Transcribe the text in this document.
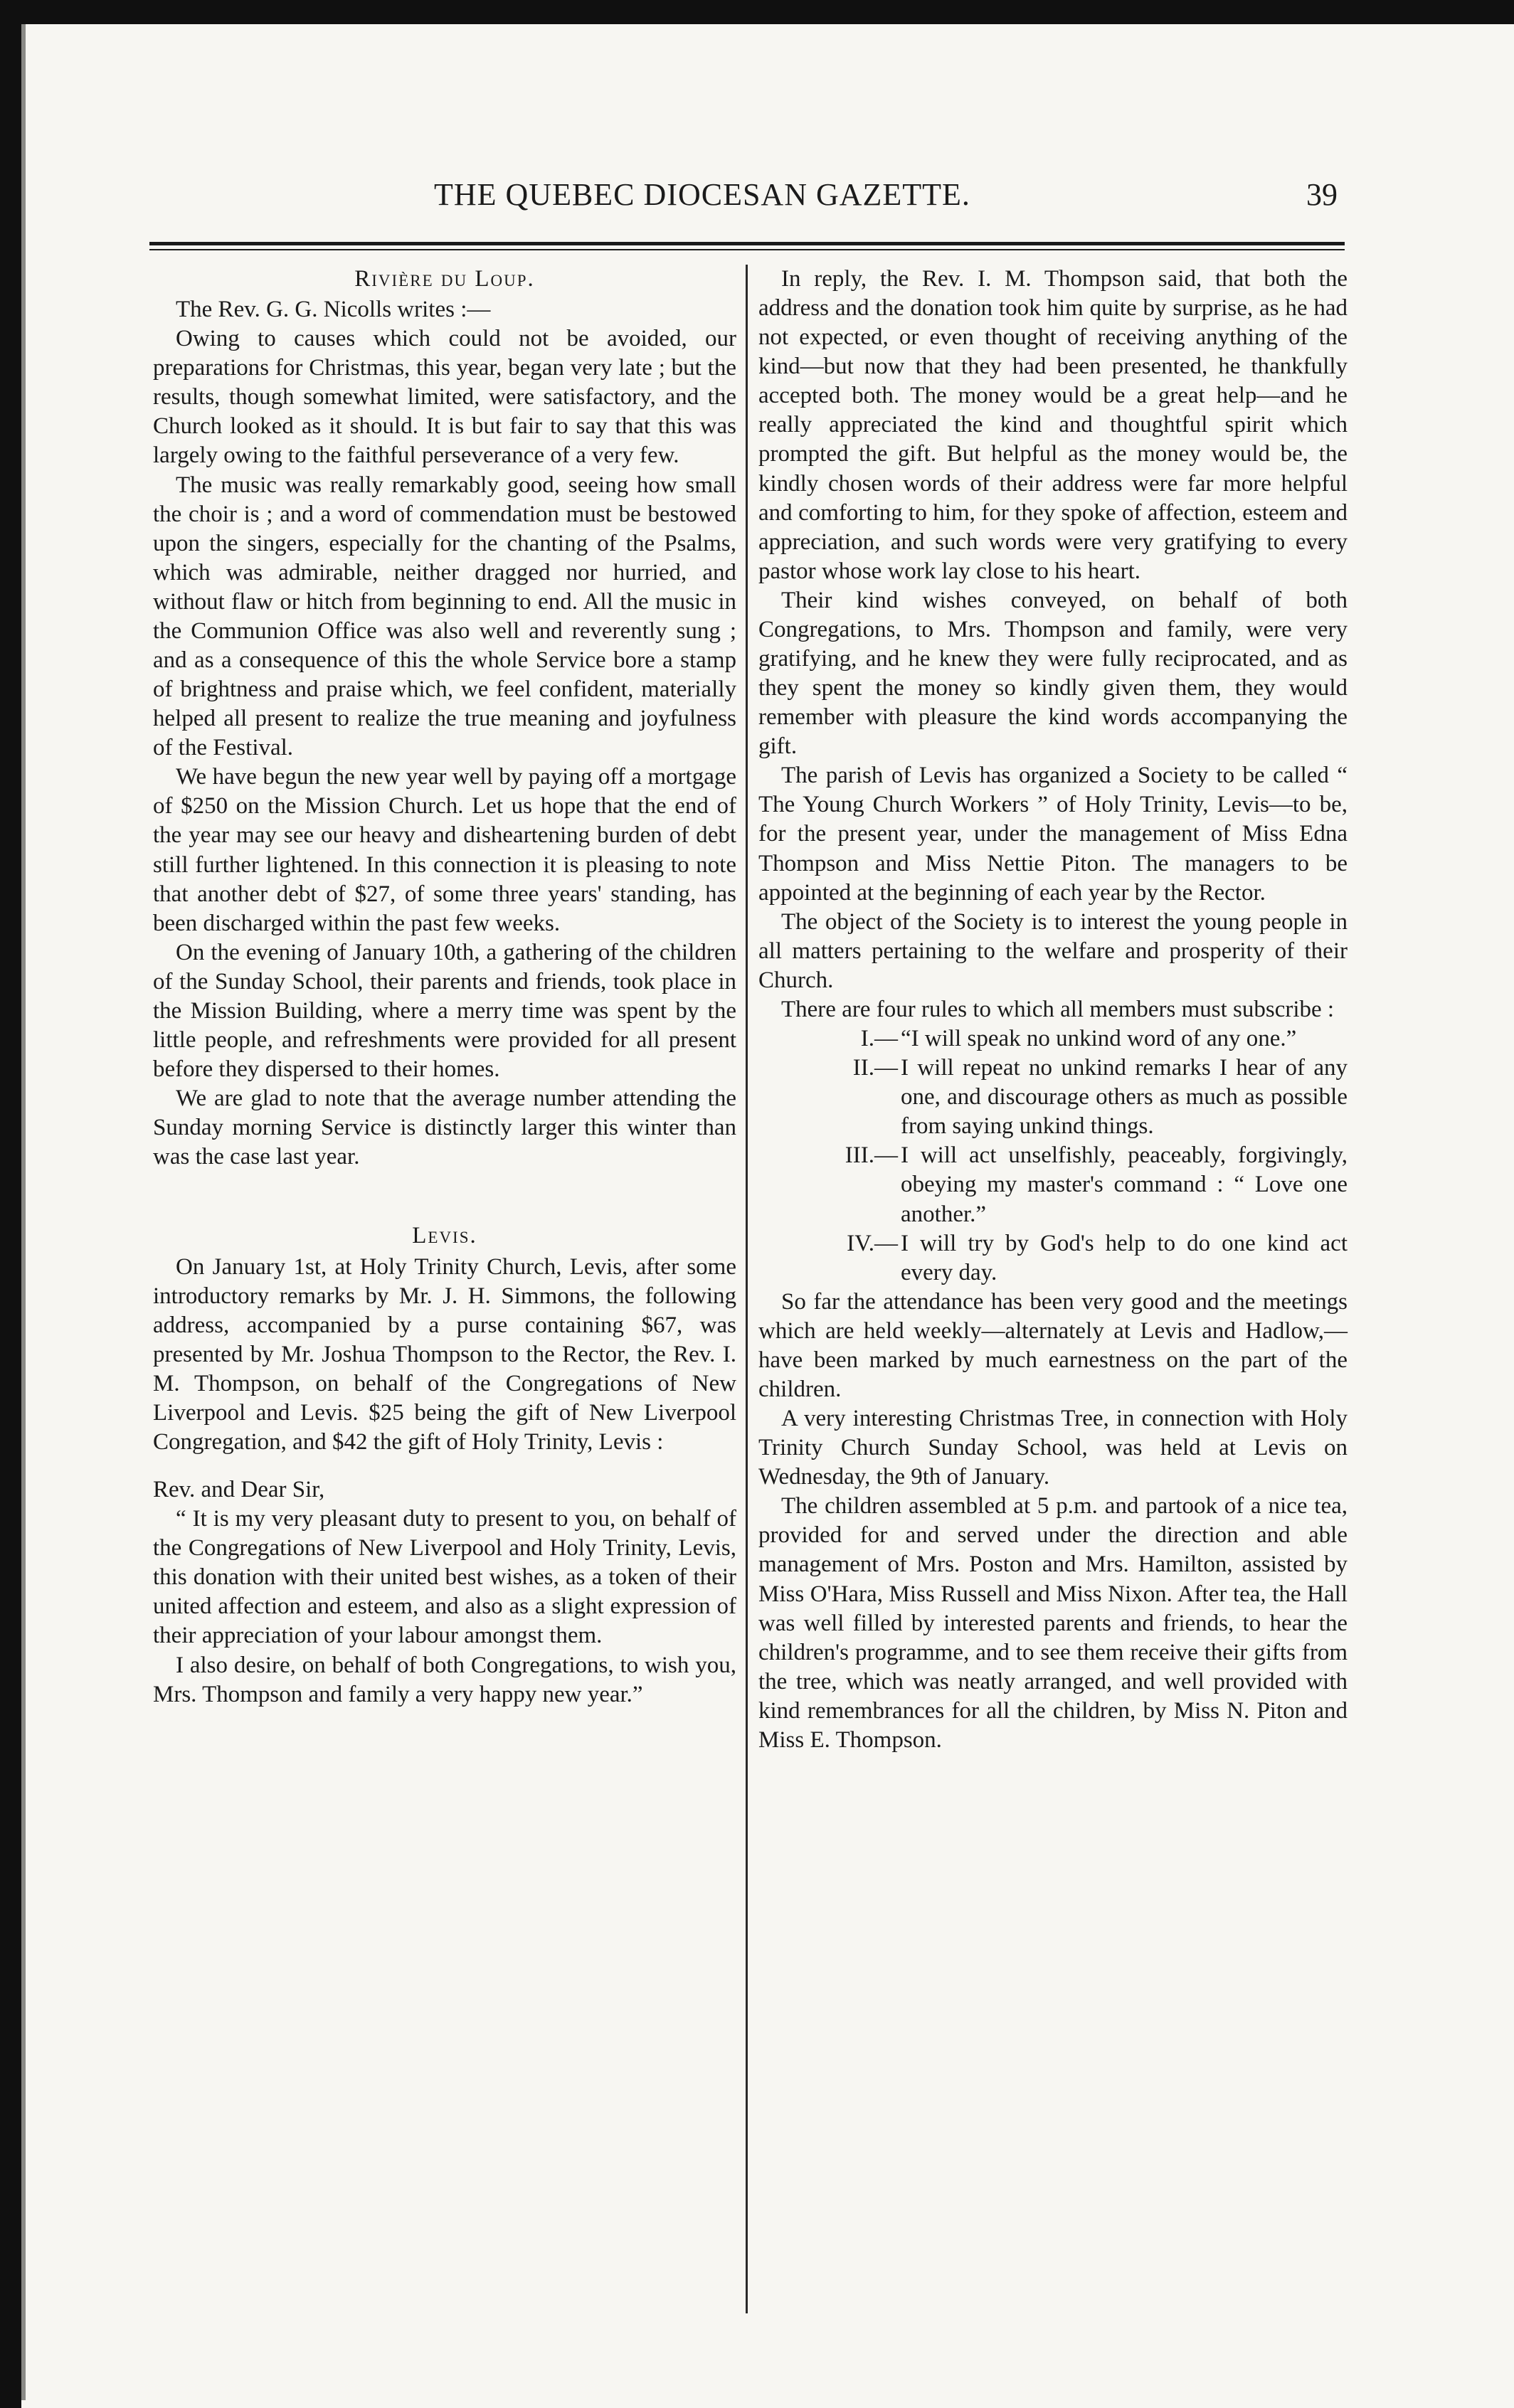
THE QUEBEC DIOCESAN GAZETTE.	39
Rivière du Loup.

The Rev. G. G. Nicolls writes :—

Owing to causes which could not be avoided, our preparations for Christmas, this year, began very late ; but the results, though somewhat limited, were satisfactory, and the Church looked as it should. It is but fair to say that this was largely owing to the faithful perseverance of a very few.

The music was really remarkably good, seeing how small the choir is ; and a word of commendation must be bestowed upon the singers, especially for the chanting of the Psalms, which was admirable, neither dragged nor hurried, and without flaw or hitch from beginning to end. All the music in the Communion Office was also well and reverently sung ; and as a consequence of this the whole Service bore a stamp of brightness and praise which, we feel confident, materially helped all present to realize the true meaning and joyfulness of the Festival.

We have begun the new year well by paying off a mortgage of $250 on the Mission Church. Let us hope that the end of the year may see our heavy and disheartening burden of debt still further lightened. In this connection it is pleasing to note that another debt of $27, of some three years' standing, has been discharged within the past few weeks.

On the evening of January 10th, a gathering of the children of the Sunday School, their parents and friends, took place in the Mission Building, where a merry time was spent by the little people, and refreshments were provided for all present before they dispersed to their homes.

We are glad to note that the average number attending the Sunday morning Service is distinctly larger this winter than was the case last year.

Levis.

On January 1st, at Holy Trinity Church, Levis, after some introductory remarks by Mr. J. H. Simmons, the following address, accompanied by a purse containing $67, was presented by Mr. Joshua Thompson to the Rector, the Rev. I. M. Thompson, on behalf of the Congregations of New Liverpool and Levis. $25 being the gift of New Liverpool Congregation, and $42 the gift of Holy Trinity, Levis :

Rev. and Dear Sir,

“ It is my very pleasant duty to present to you, on behalf of the Congregations of New Liverpool and Holy Trinity, Levis, this donation with their united best wishes, as a token of their united affection and esteem, and also as a slight expression of their appreciation of your labour amongst them.

I also desire, on behalf of both Congregations, to wish you, Mrs. Thompson and family a very happy new year.”

In reply, the Rev. I. M. Thompson said, that both the address and the donation took him quite by surprise, as he had not expected, or even thought of receiving anything of the kind—but now that they had been presented, he thankfully accepted both. The money would be a great help—and he really appreciated the kind and thoughtful spirit which prompted the gift. But helpful as the money would be, the kindly chosen words of their address were far more helpful and comforting to him, for they spoke of affection, esteem and appreciation, and such words were very gratifying to every pastor whose work lay close to his heart.

Their kind wishes conveyed, on behalf of both Congregations, to Mrs. Thompson and family, were very gratifying, and he knew they were fully reciprocated, and as they spent the money so kindly given them, they would remember with pleasure the kind words accompanying the gift.

The parish of Levis has organized a Society to be called “ The Young Church Workers ” of Holy Trinity, Levis—to be, for the present year, under the management of Miss Edna Thompson and Miss Nettie Piton. The managers to be appointed at the beginning of each year by the Rector.

The object of the Society is to interest the young people in all matters pertaining to the welfare and prosperity of their Church.

There are four rules to which all members must subscribe :

I.— “I will speak no unkind word of any one.”
II.— I will repeat no unkind remarks I hear of any one, and discourage others as much as possible from saying unkind things.
III.— I will act unselfishly, peaceably, forgivingly, obeying my master's command : “ Love one another.”
IV.— I will try by God's help to do one kind act every day.

So far the attendance has been very good and the meetings which are held weekly—alternately at Levis and Hadlow,—have been marked by much earnestness on the part of the children.

A very interesting Christmas Tree, in connection with Holy Trinity Church Sunday School, was held at Levis on Wednesday, the 9th of January.

The children assembled at 5 p.m. and partook of a nice tea, provided for and served under the direction and able management of Mrs. Poston and Mrs. Hamilton, assisted by Miss O'Hara, Miss Russell and Miss Nixon. After tea, the Hall was well filled by interested parents and friends, to hear the children's programme, and to see them receive their gifts from the tree, which was neatly arranged, and well provided with kind remembrances for all the children, by Miss N. Piton and Miss E. Thompson.
